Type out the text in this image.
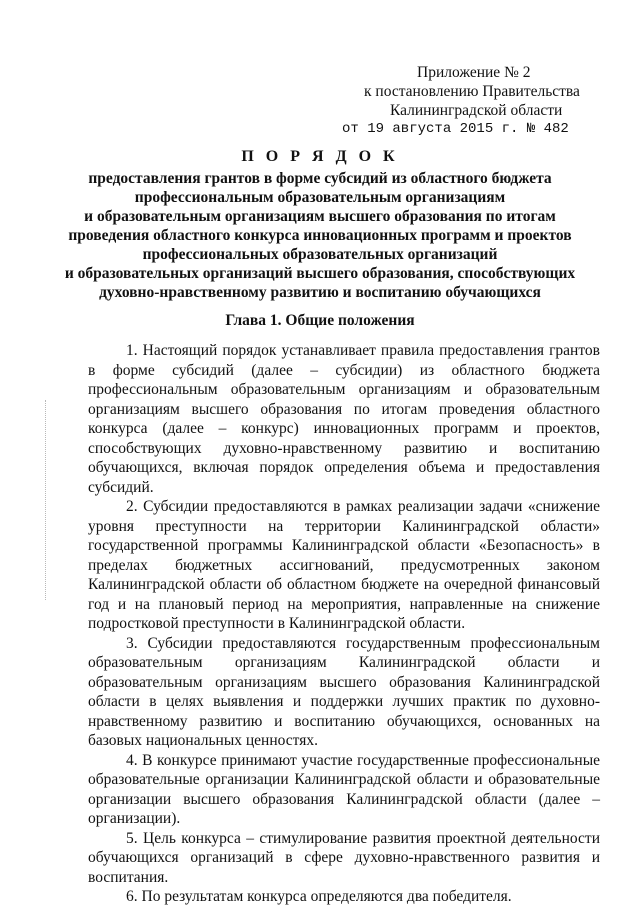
Приложение № 2
к постановлению Правительства
Калининградской области
от 19 августа 2015 г. № 482
П О Р Я Д О К
предоставления грантов в форме субсидий из областного бюджета
профессиональным образовательным организациям
и образовательным организациям высшего образования по итогам
проведения областного конкурса инновационных программ и проектов
профессиональных образовательных организаций
и образовательных организаций высшего образования, способствующих
духовно-нравственному развитию и воспитанию обучающихся
Глава 1. Общие положения

1. Настоящий порядок устанавливает правила предоставления грантов в форме субсидий (далее – субсидии) из областного бюджета профессиональным образовательным организациям и образовательным организациям высшего образования по итогам проведения областного конкурса (далее – конкурс) инновационных программ и проектов, способствующих духовно-нравственному развитию и воспитанию обучающихся, включая порядок определения объема и предоставления субсидий.

2. Субсидии предоставляются в рамках реализации задачи «снижение уровня преступности на территории Калининградской области» государственной программы Калининградской области «Безопасность» в пределах бюджетных ассигнований, предусмотренных законом Калининградской области об областном бюджете на очередной финансовый год и на плановый период на мероприятия, направленные на снижение подростковой преступности в Калининградской области.

3. Субсидии предоставляются государственным профессиональным образовательным организациям Калининградской области и образовательным организациям высшего образования Калининградской области в целях выявления и поддержки лучших практик по духовно-нравственному развитию и воспитанию обучающихся, основанных на базовых национальных ценностях.

4. В конкурсе принимают участие государственные профессиональные образовательные организации Калининградской области и образовательные организации высшего образования Калининградской области (далее – организации).

5. Цель конкурса – стимулирование развития проектной деятельности обучающихся организаций в сфере духовно-нравственного развития и воспитания.

6. По результатам конкурса определяются два победителя.
